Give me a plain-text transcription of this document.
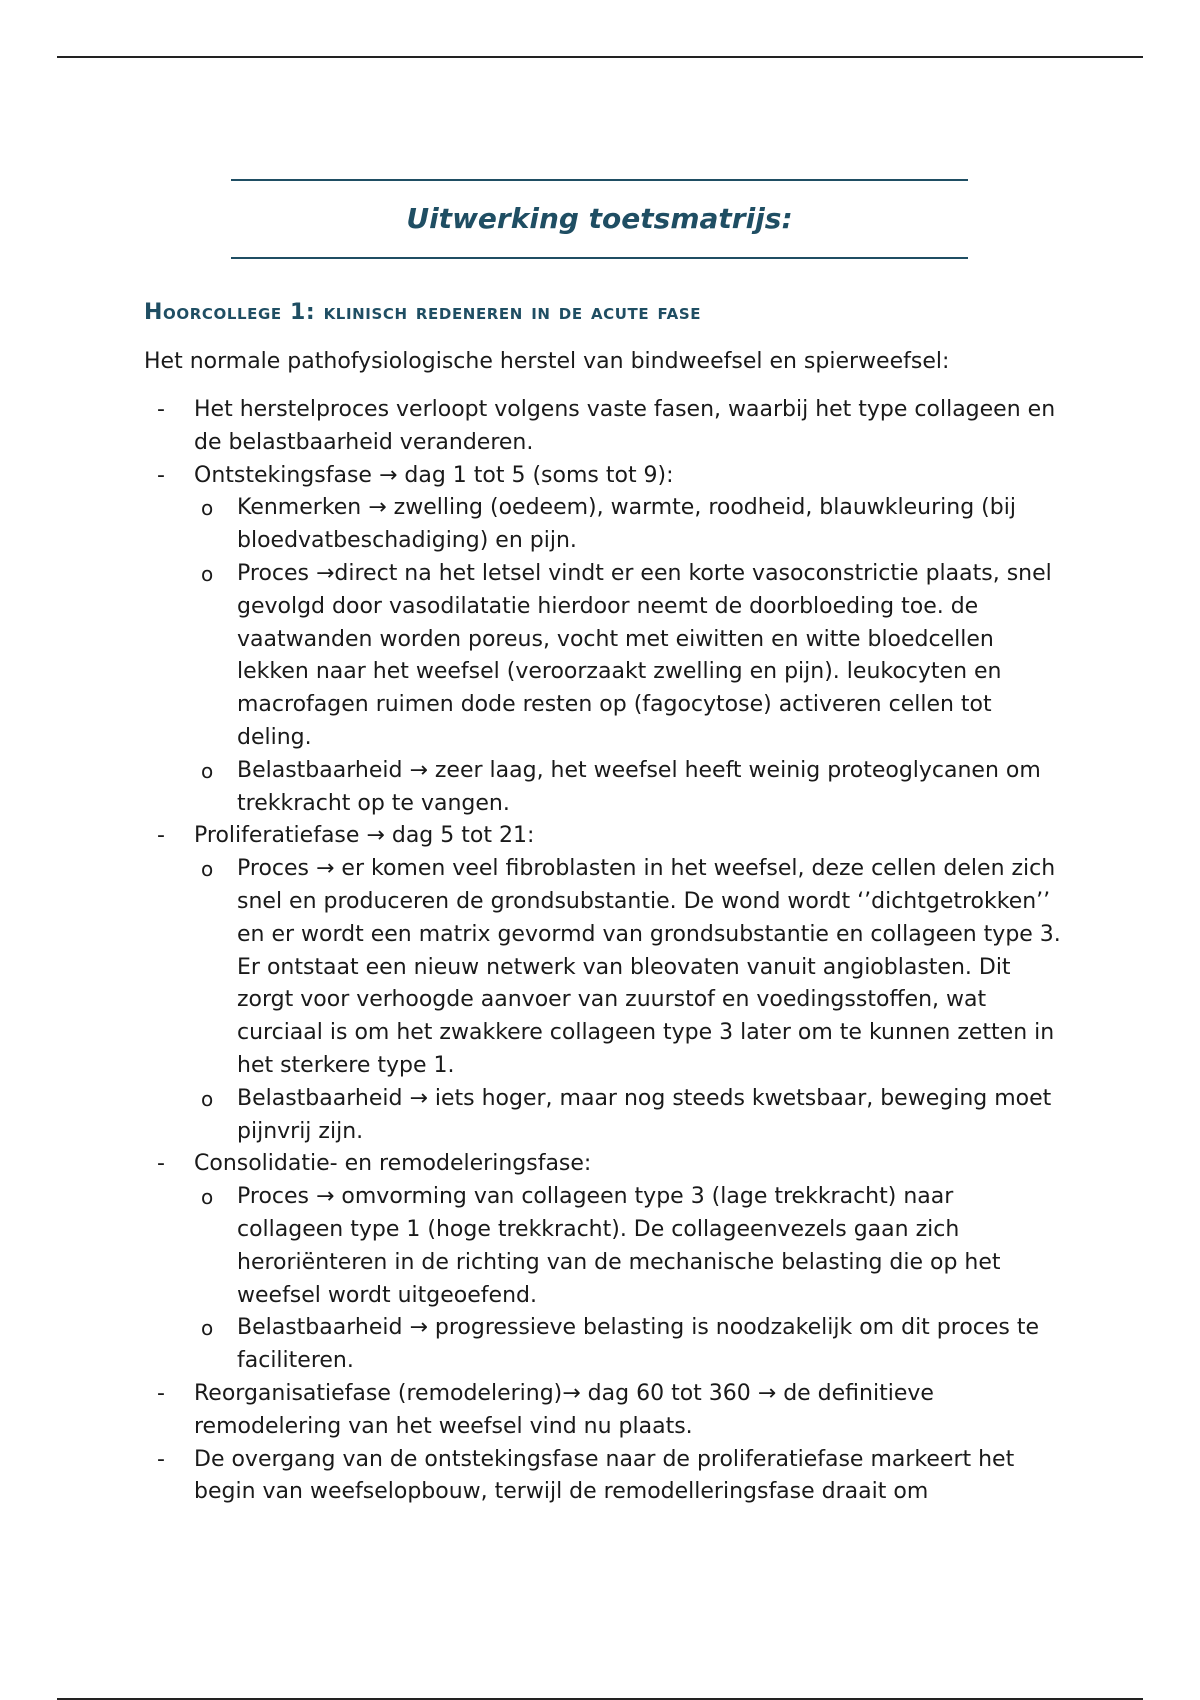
Uitwerking toetsmatrijs:
Hoorcollege 1: klinisch redeneren in de acute fase

Het normale pathofysiologische herstel van bindweefsel en spierweefsel:

- Het herstelproces verloopt volgens vaste fasen, waarbij het type collageen en de belastbaarheid veranderen.
- Ontstekingsfase → dag 1 tot 5 (soms tot 9):
o Kenmerken → zwelling (oedeem), warmte, roodheid, blauwkleuring (bij bloedvatbeschadiging) en pijn.
o Proces →direct na het letsel vindt er een korte vasoconstrictie plaats, snel gevolgd door vasodilatatie hierdoor neemt de doorbloeding toe. de vaatwanden worden poreus, vocht met eiwitten en witte bloedcellen lekken naar het weefsel (veroorzaakt zwelling en pijn). leukocyten en macrofagen ruimen dode resten op (fagocytose) activeren cellen tot deling.
o Belastbaarheid → zeer laag, het weefsel heeft weinig proteoglycanen om trekkracht op te vangen.
- Proliferatiefase → dag 5 tot 21:
o Proces → er komen veel fibroblasten in het weefsel, deze cellen delen zich snel en produceren de grondsubstantie. De wond wordt ‘’dichtgetrokken’’ en er wordt een matrix gevormd van grondsubstantie en collageen type 3. Er ontstaat een nieuw netwerk van bleovaten vanuit angioblasten. Dit zorgt voor verhoogde aanvoer van zuurstof en voedingsstoffen, wat curciaal is om het zwakkere collageen type 3 later om te kunnen zetten in het sterkere type 1.
o Belastbaarheid → iets hoger, maar nog steeds kwetsbaar, beweging moet pijnvrij zijn.
- Consolidatie- en remodeleringsfase:
o Proces → omvorming van collageen type 3 (lage trekkracht) naar collageen type 1 (hoge trekkracht). De collageenvezels gaan zich heroriënteren in de richting van de mechanische belasting die op het weefsel wordt uitgeoefend.
o Belastbaarheid → progressieve belasting is noodzakelijk om dit proces te faciliteren.
- Reorganisatiefase (remodelering)→ dag 60 tot 360 → de definitieve remodelering van het weefsel vind nu plaats.
- De overgang van de ontstekingsfase naar de proliferatiefase markeert het begin van weefselopbouw, terwijl de remodelleringsfase draait om
